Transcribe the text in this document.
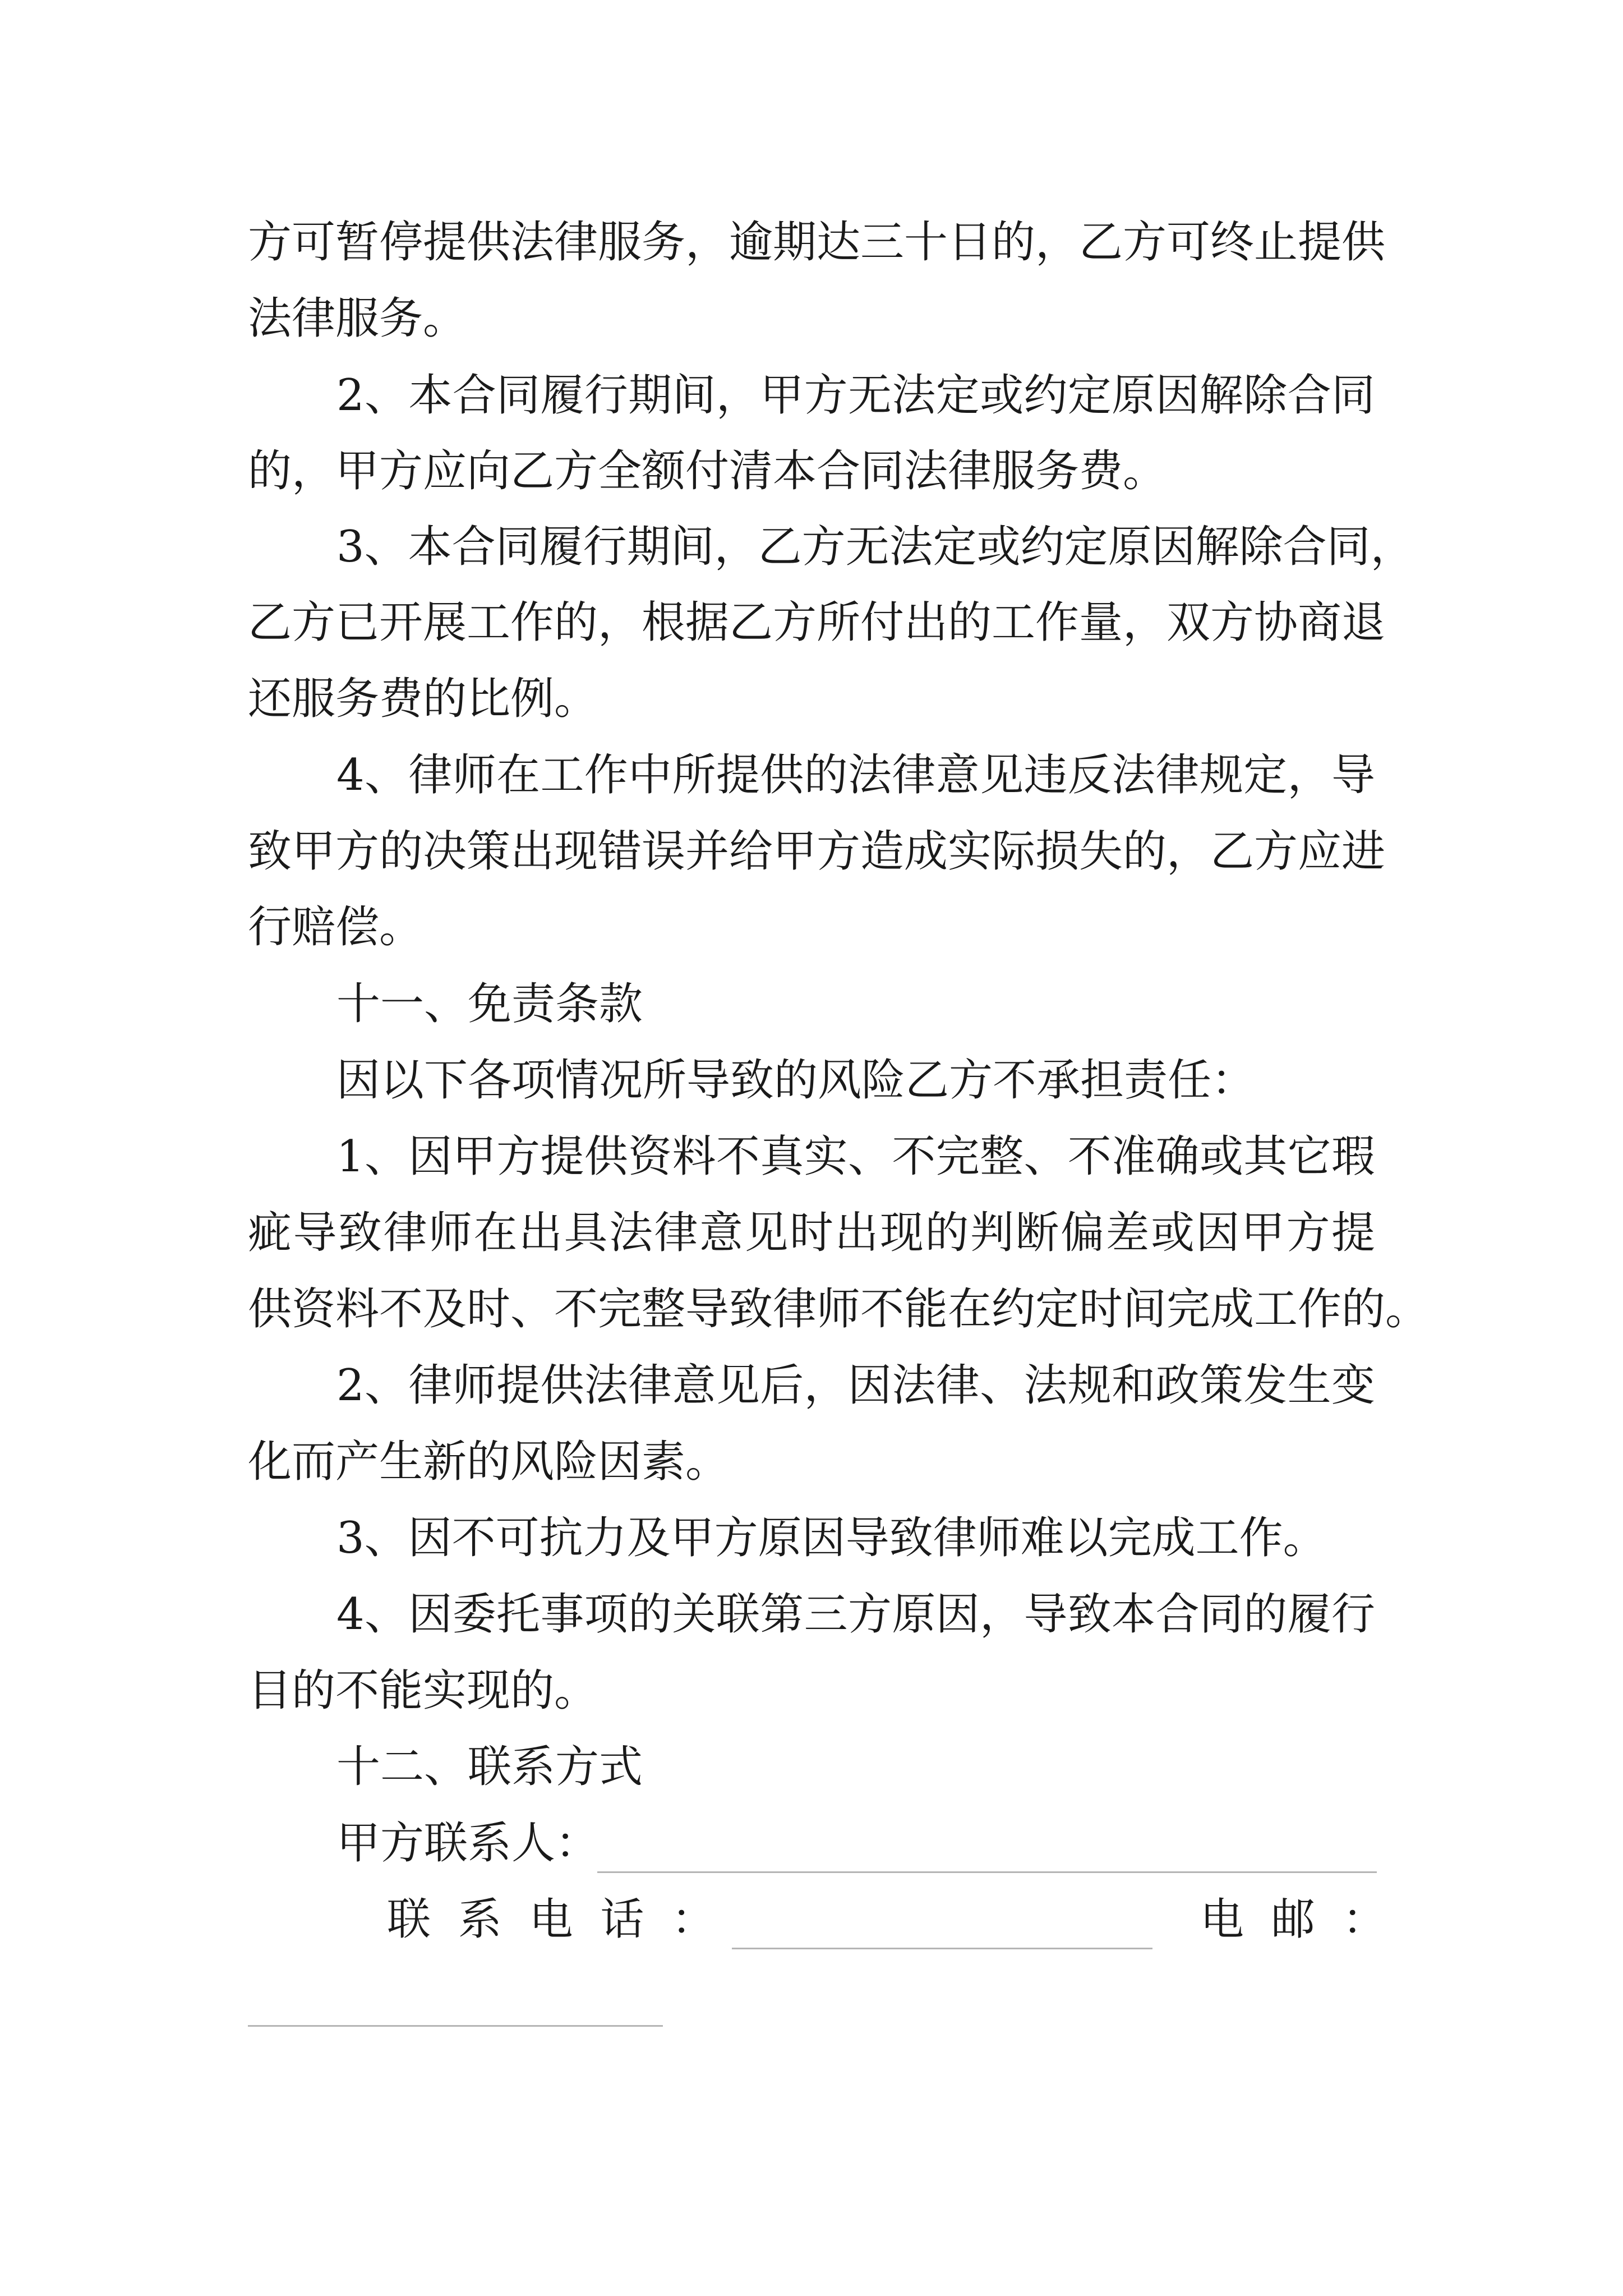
方可暂停提供法律服务，逾期达三十日的，乙方可终止提供
法律服务。
2、本合同履行期间，甲方无法定或约定原因解除合同
的，甲方应向乙方全额付清本合同法律服务费。
3、本合同履行期间，乙方无法定或约定原因解除合同，
乙方已开展工作的，根据乙方所付出的工作量，双方协商退
还服务费的比例。
4、律师在工作中所提供的法律意见违反法律规定，导
致甲方的决策出现错误并给甲方造成实际损失的，乙方应进
行赔偿。
十一、免责条款
因以下各项情况所导致的风险乙方不承担责任：
1、因甲方提供资料不真实、不完整、不准确或其它瑕
疵导致律师在出具法律意见时出现的判断偏差或因甲方提
供资料不及时、不完整导致律师不能在约定时间完成工作的。
2、律师提供法律意见后，因法律、法规和政策发生变
化而产生新的风险因素。
3、因不可抗力及甲方原因导致律师难以完成工作。
4、因委托事项的关联第三方原因，导致本合同的履行
目的不能实现的。
十二、联系方式
甲方联系人：
联 系 电 话 ：	电 邮 ：
